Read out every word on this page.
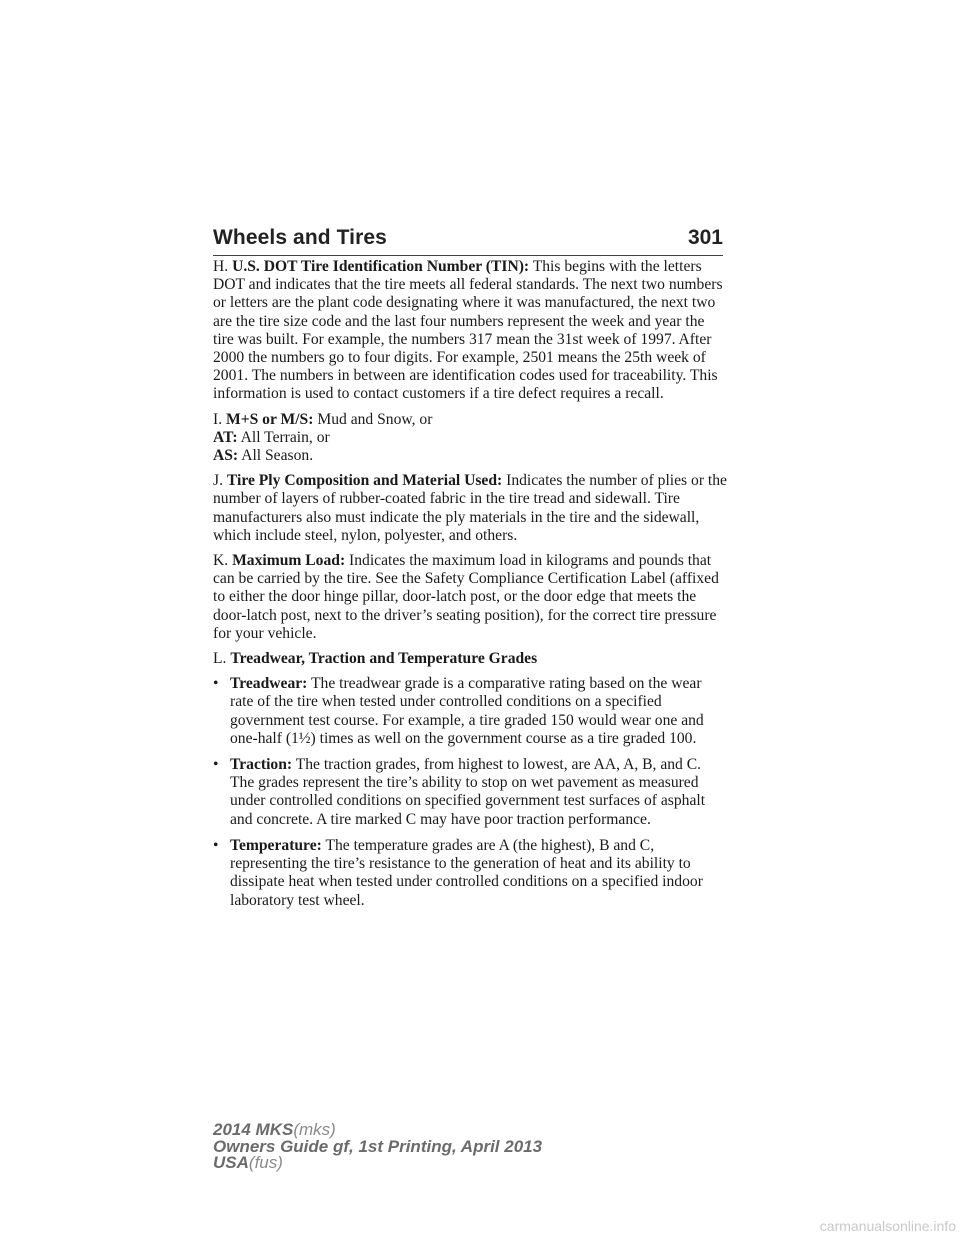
Wheels and Tires	301

H. U.S. DOT Tire Identification Number (TIN): This begins with the letters DOT and indicates that the tire meets all federal standards. The next two numbers or letters are the plant code designating where it was manufactured, the next two are the tire size code and the last four numbers represent the week and year the tire was built. For example, the numbers 317 mean the 31st week of 1997. After 2000 the numbers go to four digits. For example, 2501 means the 25th week of 2001. The numbers in between are identification codes used for traceability. This information is used to contact customers if a tire defect requires a recall.

I. M+S or M/S: Mud and Snow, or

AT: All Terrain, or

AS: All Season.

J. Tire Ply Composition and Material Used: Indicates the number of plies or the number of layers of rubber-coated fabric in the tire tread and sidewall. Tire manufacturers also must indicate the ply materials in the tire and the sidewall, which include steel, nylon, polyester, and others.

K. Maximum Load: Indicates the maximum load in kilograms and pounds that can be carried by the tire. See the Safety Compliance Certification Label (affixed to either the door hinge pillar, door-latch post, or the door edge that meets the door-latch post, next to the driver’s seating position), for the correct tire pressure for your vehicle.

L. Treadwear, Traction and Temperature Grades

• Treadwear: The treadwear grade is a comparative rating based on the wear rate of the tire when tested under controlled conditions on a specified government test course. For example, a tire graded 150 would wear one and one-half (1½) times as well on the government course as a tire graded 100.
• Traction: The traction grades, from highest to lowest, are AA, A, B, and C. The grades represent the tire’s ability to stop on wet pavement as measured under controlled conditions on specified government test surfaces of asphalt and concrete. A tire marked C may have poor traction performance.
• Temperature: The temperature grades are A (the highest), B and C, representing the tire’s resistance to the generation of heat and its ability to dissipate heat when tested under controlled conditions on a specified indoor laboratory test wheel.
2014 MKS(mks)
Owners Guide gf, 1st Printing, April 2013
USA(fus)
carmanualsonline.info
